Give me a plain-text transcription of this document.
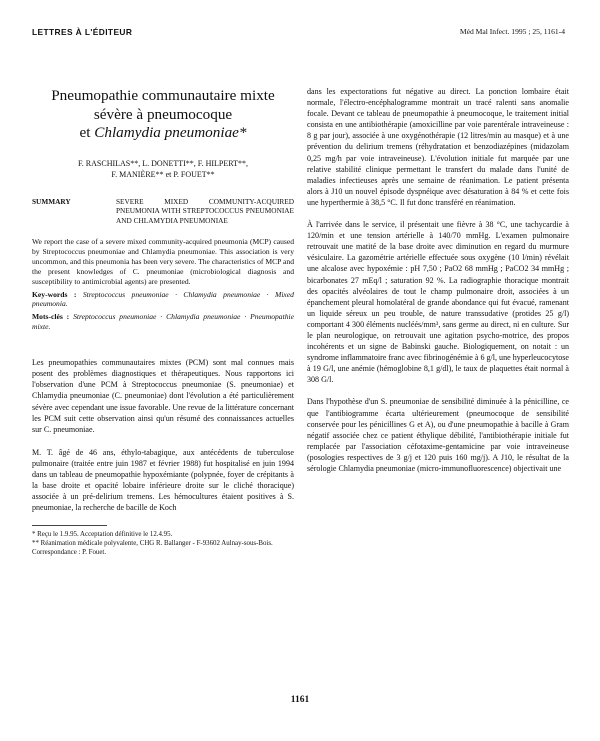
LETTRES À L'ÉDITEUR	Méd Mal Infect. 1995 ; 25, 1161-4
Pneumopathie communautaire mixte
sévère à pneumocoque
et Chlamydia pneumoniae*
F. RASCHILAS**, L. DONETTI**, F. HILPERT**,
F. MANIÈRE** et P. FOUET**
SUMMARY	SEVERE MIXED COMMUNITY-ACQUIRED PNEUMONIA WITH STREPTOCOCCUS PNEUMONIAE AND CHLAMYDIA PNEUMONIAE
We report the case of a severe mixed community-acquired pneumonia (MCP) caused by Streptococcus pneumoniae and Chlamydia pneumoniae. This association is very uncommon, and this pneumonia has been very severe. The characteristics of MCP and the present knowledges of C. pneumoniae (microbiological diagnosis and susceptibility to antimicrobial agents) are presented.
Key-words : Streptococcus pneumoniae · Chlamydia pneumoniae · Mixed pneumonia.
Mots-clés : Streptococcus pneumoniae · Chlamydia pneumoniae · Pneumopathie mixte.

Les pneumopathies communautaires mixtes (PCM) sont mal connues mais posent des problèmes diagnostiques et thérapeutiques. Nous rapportons ici l'observation d'une PCM à Streptococcus pneumoniae (S. pneumoniae) et Chlamydia pneumoniae (C. pneumoniae) dont l'évolution a été particulièrement sévère avec cependant une issue favorable. Une revue de la littérature concernant les PCM suit cette observation ainsi qu'un résumé des connaissances actuelles sur C. pneumoniae.

M. T. âgé de 46 ans, éthylo-tabagique, aux antécédents de tuberculose pulmonaire (traitée entre juin 1987 et février 1988) fut hospitalisé en juin 1994 dans un tableau de pneumopathie hypoxémiante (polypnée, foyer de crépitants à la base droite et opacité lobaire inférieure droite sur le cliché thoracique) associée à un pré-delirium tremens. Les hémocultures étaient positives à S. pneumoniae, la recherche de bacille de Koch

* Reçu le 1.9.95. Acceptation définitive le 12.4.95.
** Réanimation médicale polyvalente, CHG R. Ballanger - F-93602 Aulnay-sous-Bois.
Correspondance : P. Fouet.

dans les expectorations fut négative au direct. La ponction lombaire était normale, l'électro-encéphalogramme montrait un tracé ralenti sans anomalie focale. Devant ce tableau de pneumopathie à pneumocoque, le traitement initial consista en une antibiothérapie (amoxicilline par voie parentérale intraveineuse : 8 g par jour), associée à une oxygénothérapie (12 litres/min au masque) et à une prévention du delirium tremens (réhydratation et benzodiazépines (midazolam 0,25 mg/h par voie intraveineuse). L'évolution initiale fut marquée par une relative stabilité clinique permettant le transfert du malade dans l'unité de maladies infectieuses après une semaine de réanimation. Le patient présenta alors à J10 un nouvel épisode dyspnéique avec désaturation à 84 % et cette fois une hyperthermie à 38,5 °C. Il fut donc transféré en réanimation.

À l'arrivée dans le service, il présentait une fièvre à 38 °C, une tachycardie à 120/min et une tension artérielle à 140/70 mmHg. L'examen pulmonaire retrouvait une matité de la base droite avec diminution en regard du murmure vésiculaire. La gazométrie artérielle effectuée sous oxygène (10 l/min) révélait une alcalose avec hypoxémie : pH 7,50 ; PaO2 68 mmHg ; PaCO2 34 mmHg ; bicarbonates 27 mEq/l ; saturation 92 %. La radiographie thoracique montrait des opacités alvéolaires de tout le champ pulmonaire droit, associées à un épanchement pleural homolatéral de grande abondance qui fut évacué, ramenant un liquide séreux un peu trouble, de nature transsudative (protides 25 g/l) comportant 4 300 éléments nucléés/mm³, sans germe au direct, ni en culture. Sur le plan neurologique, on retrouvait une agitation psycho-motrice, des propos incohérents et un signe de Babinski gauche. Biologiquement, on notait : un syndrome inflammatoire franc avec fibrinogénémie à 6 g/l, une hyperleucocytose à 19 G/l, une anémie (hémoglobine 8,1 g/dl), le taux de plaquettes était normal à 308 G/l.

Dans l'hypothèse d'un S. pneumoniae de sensibilité diminuée à la pénicilline, ce que l'antibiogramme écarta ultérieurement (pneumocoque de sensibilité conservée pour les pénicillines G et A), ou d'une pneumopathie à bacille à Gram négatif associée chez ce patient éthylique débilité, l'antibiothérapie initiale fut remplacée par l'association céfotaxime-gentamicine par voie intraveineuse (posologies respectives de 3 g/j et 120 puis 160 mg/j). A J10, le résultat de la sérologie Chlamydia pneumoniae (micro-immunofluorescence) objectivait une

1161
